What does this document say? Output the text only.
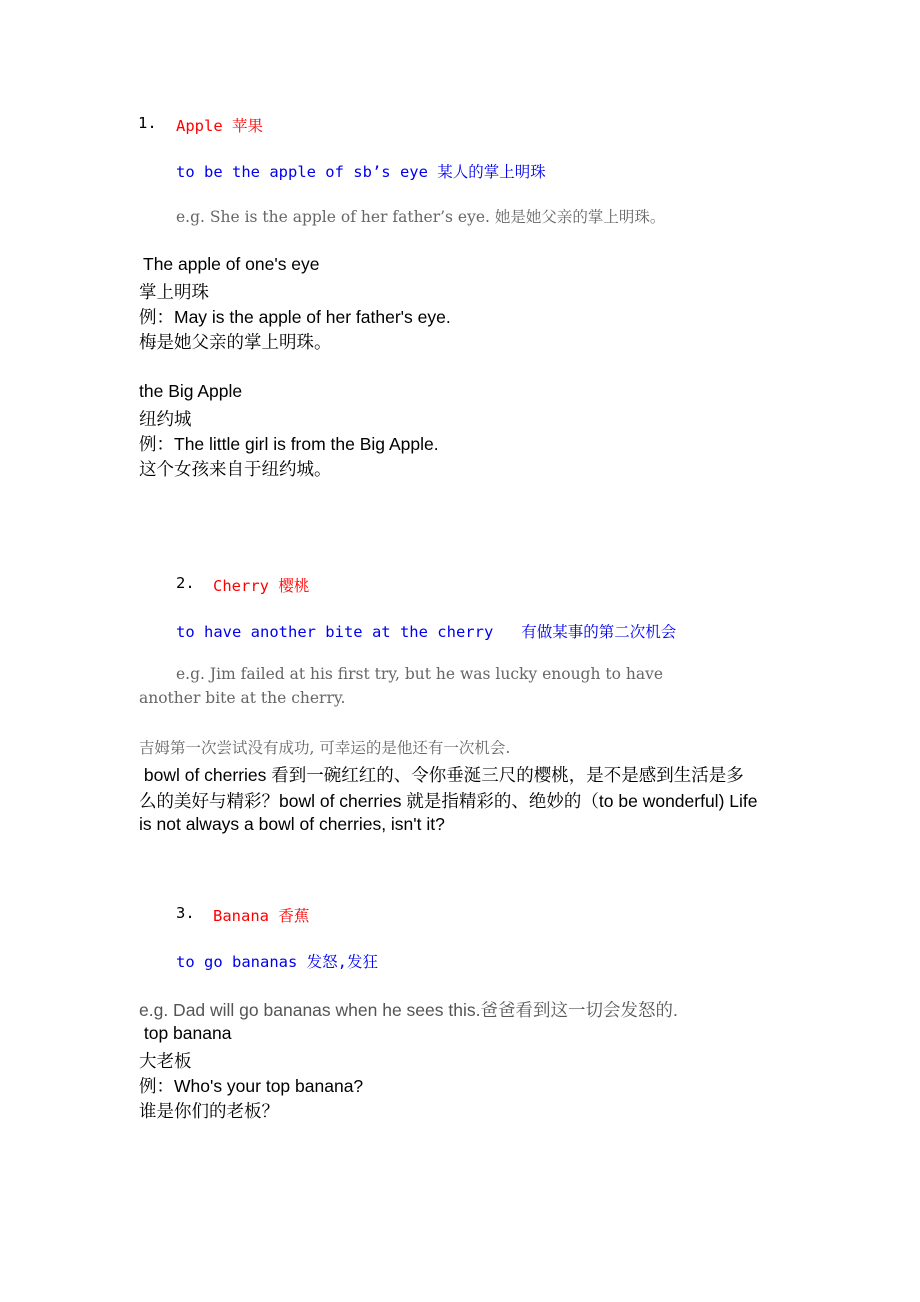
1. Apple 苹果
to be the apple of sb’s eye 某人的掌上明珠
e.g. She is the apple of her father’s eye. 她是她父亲的掌上明珠。
The apple of one's eye
掌上明珠
例：May is the apple of her father's eye.
梅是她父亲的掌上明珠。
the Big Apple
纽约城
例：The little girl is from the Big Apple.
这个女孩来自于纽约城。
2. Cherry 樱桃
to have another bite at the cherry   有做某事的第二次机会
e.g. Jim failed at his first try, but he was lucky enough to have
another bite at the cherry.
吉姆第一次尝试没有成功, 可幸运的是他还有一次机会.
bowl of cherries 看到一碗红红的、令你垂涎三尺的樱桃，是不是感到生活是多
么的美好与精彩？bowl of cherries 就是指精彩的、绝妙的（to be wonderful) Life
is not always a bowl of cherries, isn't it?
3. Banana 香蕉
to go bananas 发怒,发狂
e.g. Dad will go bananas when he sees this.爸爸看到这一切会发怒的.
top banana
大老板
例：Who's your top banana?
谁是你们的老板？
